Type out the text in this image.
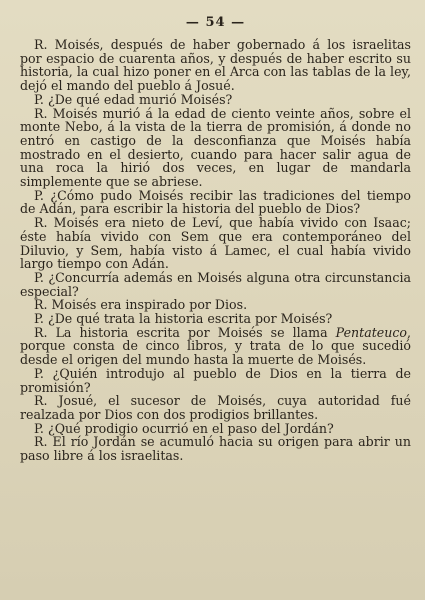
— 54 —

R. Moisés, después de haber gobernado á los israelitas por espacio de cuarenta años, y después de haber escrito su historia, la cual hizo poner en el Arca con las tablas de la ley, dejó el mando del pueblo á Josué.

P. ¿De qué edad murió Moisés?

R. Moisés murió á la edad de ciento veinte años, sobre el monte Nebo, á la vista de la tierra de promisión, á donde no entró en castigo de la desconfianza que Moisés había mostrado en el desierto, cuando para hacer salir agua de una roca la hirió dos veces, en lugar de mandarla simplemente que se abriese.

P. ¿Cómo pudo Moisés recibir las tradiciones del tiempo de Adán, para escribir la historia del pueblo de Dios?

R. Moisés era nieto de Leví, que había vivido con Isaac; éste había vivido con Sem que era contemporáneo del Diluvio, y Sem, había visto á Lamec, el cual había vivido largo tiempo con Adán.

P. ¿Concurría además en Moisés alguna otra circunstancia especial?

R. Moisés era inspirado por Dios.

P. ¿De qué trata la historia escrita por Moisés?

R. La historia escrita por Moisés se llama Pentateuco, porque consta de cinco libros, y trata de lo que sucedió desde el origen del mundo hasta la muerte de Moisés.

P. ¿Quién introdujo al pueblo de Dios en la tierra de promisión?

R. Josué, el sucesor de Moisés, cuya autoridad fué realzada por Dios con dos prodigios brillantes.

P. ¿Qué prodigio ocurrió en el paso del Jordán?

R. El río Jordán se acumuló hacia su origen para abrir un paso libre á los israelitas.
